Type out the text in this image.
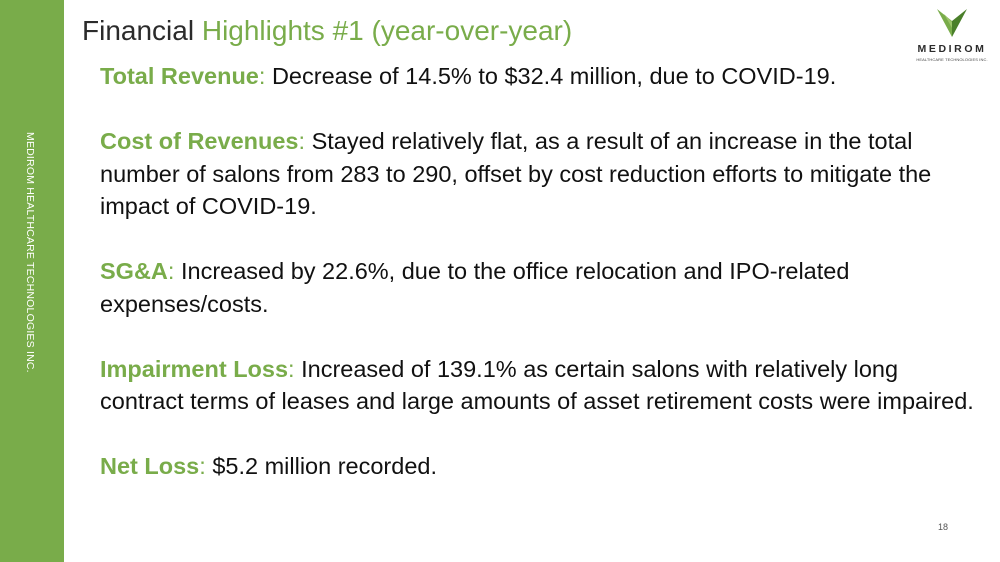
MEDIROM HEALTHCARE TECHNOLOGIES INC.
Financial Highlights #1 (year-over-year)
MEDIROM
HEALTHCARE TECHNOLOGIES INC.

Total Revenue: Decrease of 14.5% to $32.4 million, due to COVID-19.

Cost of Revenues: Stayed relatively flat, as a result of an increase in the total number of salons from 283 to 290, offset by cost reduction efforts to mitigate the impact of COVID-19.

SG&A: Increased by 22.6%, due to the office relocation and IPO-related expenses/costs.

Impairment Loss: Increased of 139.1% as certain salons with relatively long contract terms of leases and large amounts of asset retirement costs were impaired.

Net Loss: $5.2 million recorded.

18
